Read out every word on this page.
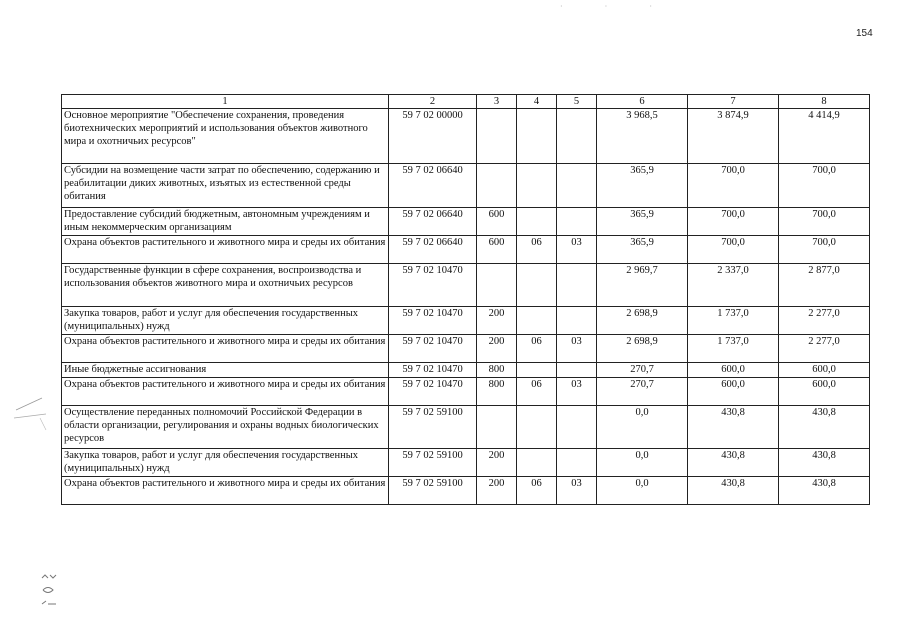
· · ·
154
1	2	3	4	5	6	7	8
Основное мероприятие "Обеспечение сохранения, проведения биотехнических мероприятий и использования объектов животного мира и охотничьих ресурсов"	59 7 02 00000				3 968,5	3 874,9	4 414,9
Субсидии на возмещение части затрат по обеспечению, содержанию и реабилитации диких животных, изъятых из естественной среды обитания	59 7 02 06640				365,9	700,0	700,0
Предоставление субсидий бюджетным, автономным учреждениям и иным некоммерческим организациям	59 7 02 06640	600			365,9	700,0	700,0
Охрана объектов растительного и животного мира и среды их обитания	59 7 02 06640	600	06	03	365,9	700,0	700,0
Государственные функции в сфере сохранения, воспроизводства и использования объектов животного мира и охотничьих ресурсов	59 7 02 10470				2 969,7	2 337,0	2 877,0
Закупка товаров, работ и услуг для обеспечения государственных (муниципальных) нужд	59 7 02 10470	200			2 698,9	1 737,0	2 277,0
Охрана объектов растительного и животного мира и среды их обитания	59 7 02 10470	200	06	03	2 698,9	1 737,0	2 277,0
Иные бюджетные ассигнования	59 7 02 10470	800			270,7	600,0	600,0
Охрана объектов растительного и животного мира и среды их обитания	59 7 02 10470	800	06	03	270,7	600,0	600,0
Осуществление переданных полномочий Российской Федерации в области организации, регулирования и охраны водных биологических ресурсов	59 7 02 59100				0,0	430,8	430,8
Закупка товаров, работ и услуг для обеспечения государственных (муниципальных) нужд	59 7 02 59100	200			0,0	430,8	430,8
Охрана объектов растительного и животного мира и среды их обитания	59 7 02 59100	200	06	03	0,0	430,8	430,8
